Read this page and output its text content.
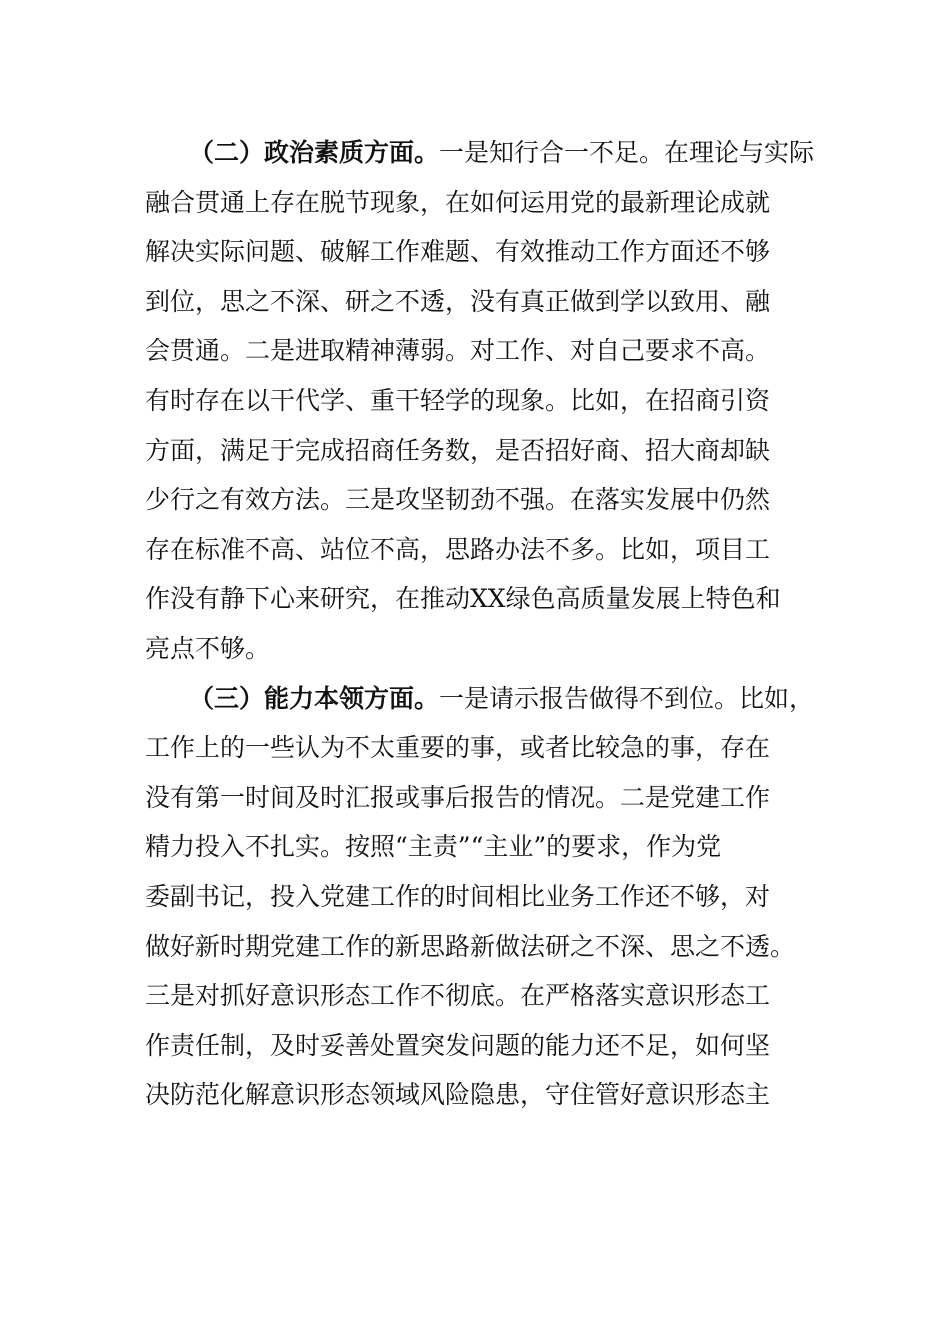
（二）政治素质方面。一是知行合一不足。在理论与实际
融合贯通上存在脱节现象，在如何运用党的最新理论成就
解决实际问题、破解工作难题、有效推动工作方面还不够
到位，思之不深、研之不透，没有真正做到学以致用、融
会贯通。二是进取精神薄弱。对工作、对自己要求不高。
有时存在以干代学、重干轻学的现象。比如，在招商引资
方面，满足于完成招商任务数，是否招好商、招大商却缺
少行之有效方法。三是攻坚韧劲不强。在落实发展中仍然
存在标准不高、站位不高，思路办法不多。比如，项目工
作没有静下心来研究，在推动XX绿色高质量发展上特色和
亮点不够。
（三）能力本领方面。一是请示报告做得不到位。比如，
工作上的一些认为不太重要的事，或者比较急的事，存在
没有第一时间及时汇报或事后报告的情况。二是党建工作
精力投入不扎实。按照“主责”“主业”的要求，作为党
委副书记，投入党建工作的时间相比业务工作还不够，对
做好新时期党建工作的新思路新做法研之不深、思之不透。
三是对抓好意识形态工作不彻底。在严格落实意识形态工
作责任制，及时妥善处置突发问题的能力还不足，如何坚
决防范化解意识形态领域风险隐患，守住管好意识形态主
